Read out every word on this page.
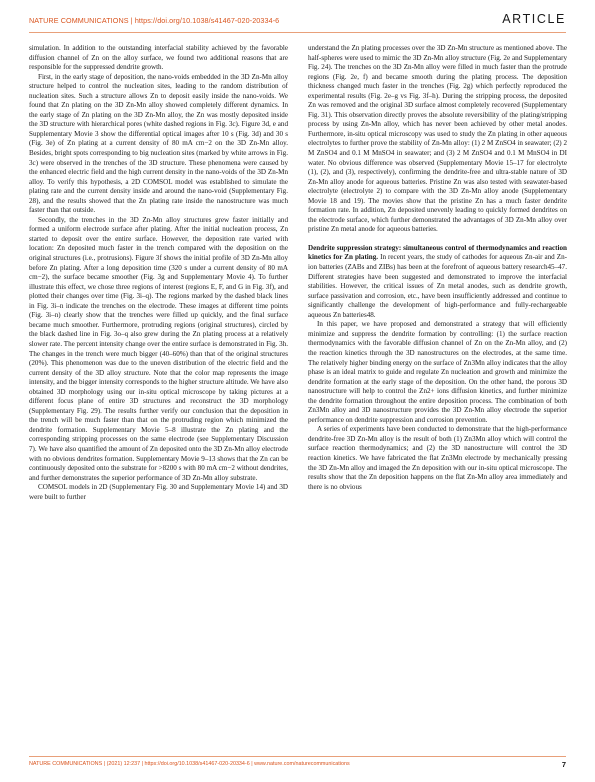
NATURE COMMUNICATIONS | https://doi.org/10.1038/s41467-020-20334-6	ARTICLE

simulation. In addition to the outstanding interfacial stability achieved by the favorable diffusion channel of Zn on the alloy surface, we found two additional reasons that are responsible for the suppressed dendrite growth.

First, in the early stage of deposition, the nano-voids embedded in the 3D Zn-Mn alloy structure helped to control the nucleation sites, leading to the random distribution of nucleation sites. Such a structure allows Zn to deposit easily inside the nano-voids. We found that Zn plating on the 3D Zn-Mn alloy showed completely different dynamics. In the early stage of Zn plating on the 3D Zn-Mn alloy, the Zn was mostly deposited inside the 3D structure with hierarchical pores (white dashed regions in Fig. 3c). Figure 3d, e and Supplementary Movie 3 show the differential optical images after 10 s (Fig. 3d) and 30 s (Fig. 3e) of Zn plating at a current density of 80 mA cm−2 on the 3D Zn-Mn alloy. Besides, bright spots corresponding to big nucleation sites (marked by white arrows in Fig. 3c) were observed in the trenches of the 3D structure. These phenomena were caused by the enhanced electric field and the high current density in the nano-voids of the 3D Zn-Mn alloy. To verify this hypothesis, a 2D COMSOL model was established to simulate the plating rate and the current density inside and around the nano-void (Supplementary Fig. 28), and the results showed that the Zn plating rate inside the nanostructure was much faster than that outside.

Secondly, the trenches in the 3D Zn-Mn alloy structures grew faster initially and formed a uniform electrode surface after plating. After the initial nucleation process, Zn started to deposit over the entire surface. However, the deposition rate varied with location: Zn deposited much faster in the trench compared with the deposition on the original structures (i.e., protrusions). Figure 3f shows the initial profile of 3D Zn-Mn alloy before Zn plating. After a long deposition time (320 s under a current density of 80 mA cm−2), the surface became smoother (Fig. 3g and Supplementary Movie 4). To further illustrate this effect, we chose three regions of interest (regions E, F, and G in Fig. 3f), and plotted their changes over time (Fig. 3i–q). The regions marked by the dashed black lines in Fig. 3i–n indicate the trenches on the electrode. These images at different time points (Fig. 3i–n) clearly show that the trenches were filled up quickly, and the final surface became much smoother. Furthermore, protruding regions (original structures), circled by the black dashed line in Fig. 3o–q also grew during the Zn plating process at a relatively slower rate. The percent intensity change over the entire surface is demonstrated in Fig. 3h. The changes in the trench were much bigger (40–60%) than that of the original structures (20%). This phenomenon was due to the uneven distribution of the electric field and the current density of the 3D alloy structure. Note that the color map represents the image intensity, and the bigger intensity corresponds to the higher structure altitude. We have also obtained 3D morphology using our in-situ optical microscope by taking pictures at a different focus plane of entire 3D structures and reconstruct the 3D morphology (Supplementary Fig. 29). The results further verify our conclusion that the deposition in the trench will be much faster than that on the protruding region which minimized the dendrite formation. Supplementary Movie 5–8 illustrate the Zn plating and the corresponding stripping processes on the same electrode (see Supplementary Discussion 7). We have also quantified the amount of Zn deposited onto the 3D Zn-Mn alloy electrode with no obvious dendrites formation. Supplementary Movie 9–13 shows that the Zn can be continuously deposited onto the substrate for >8200 s with 80 mA cm−2 without dendrites, and further demonstrates the superior performance of 3D Zn-Mn alloy substrate.

COMSOL models in 2D (Supplementary Fig. 30 and Supplementary Movie 14) and 3D were built to further

understand the Zn plating processes over the 3D Zn-Mn structure as mentioned above. The half-spheres were used to mimic the 3D Zn-Mn alloy structure (Fig. 2e and Supplementary Fig. 24). The trenches on the 3D Zn-Mn alloy were filled in much faster than the protrude regions (Fig. 2e, f) and became smooth during the plating process. The deposition thickness changed much faster in the trenches (Fig. 2g) which perfectly reproduced the experimental results (Fig. 2e–g vs Fig. 3f–h). During the stripping process, the deposited Zn was removed and the original 3D surface almost completely recovered (Supplementary Fig. 31). This observation directly proves the absolute reversibility of the plating/stripping process by using Zn-Mn alloy, which has never been achieved by other metal anodes. Furthermore, in-situ optical microscopy was used to study the Zn plating in other aqueous electrolytes to further prove the stability of Zn-Mn alloy: (1) 2 M ZnSO4 in seawater; (2) 2 M ZnSO4 and 0.1 M MnSO4 in seawater; and (3) 2 M ZnSO4 and 0.1 M MnSO4 in DI water. No obvious difference was observed (Supplementary Movie 15–17 for electrolyte (1), (2), and (3), respectively), confirming the dendrite-free and ultra-stable nature of 3D Zn-Mn alloy anode for aqueous batteries. Pristine Zn was also tested with seawater-based electrolyte (electrolyte 2) to compare with the 3D Zn-Mn alloy anode (Supplementary Movie 18 and 19). The movies show that the pristine Zn has a much faster dendrite formation rate. In addition, Zn deposited unevenly leading to quickly formed dendrites on the electrode surface, which further demonstrated the advantages of 3D Zn-Mn alloy over pristine Zn metal anode for aqueous batteries.

Dendrite suppression strategy: simultaneous control of thermodynamics and reaction kinetics for Zn plating. In recent years, the study of cathodes for aqueous Zn-air and Zn-ion batteries (ZABs and ZIBs) has been at the forefront of aqueous battery research45–47. Different strategies have been suggested and demonstrated to improve the interfacial stabilities. However, the critical issues of Zn metal anodes, such as dendrite growth, surface passivation and corrosion, etc., have been insufficiently addressed and continue to significantly challenge the development of high-performance and fully-rechargeable aqueous Zn batteries48.

In this paper, we have proposed and demonstrated a strategy that will efficiently minimize and suppress the dendrite formation by controlling: (1) the surface reaction thermodynamics with the favorable diffusion channel of Zn on the Zn-Mn alloy, and (2) the reaction kinetics through the 3D nanostructures on the electrodes, at the same time. The relatively higher binding energy on the surface of Zn3Mn alloy indicates that the alloy phase is an ideal matrix to guide and regulate Zn nucleation and growth and minimize the dendrite formation at the early stage of the deposition. On the other hand, the porous 3D nanostructure will help to control the Zn2+ ions diffusion kinetics, and further minimize the dendrite formation throughout the entire deposition process. The combination of both Zn3Mn alloy and 3D nanostructure provides the 3D Zn-Mn alloy electrode the superior performance on dendrite suppression and corrosion prevention.

A series of experiments have been conducted to demonstrate that the high-performance dendrite-free 3D Zn-Mn alloy is the result of both (1) Zn3Mn alloy which will control the surface reaction thermodynamics; and (2) the 3D nanostructure will control the 3D reaction kinetics. We have fabricated the flat Zn3Mn electrode by mechanically pressing the 3D Zn-Mn alloy and imaged the Zn deposition with our in-situ optical microscope. The results show that the Zn deposition happens on the flat Zn-Mn alloy area immediately and there is no obvious

NATURE COMMUNICATIONS | (2021) 12:237 | https://doi.org/10.1038/s41467-020-20334-6 | www.nature.com/naturecommunications	7
